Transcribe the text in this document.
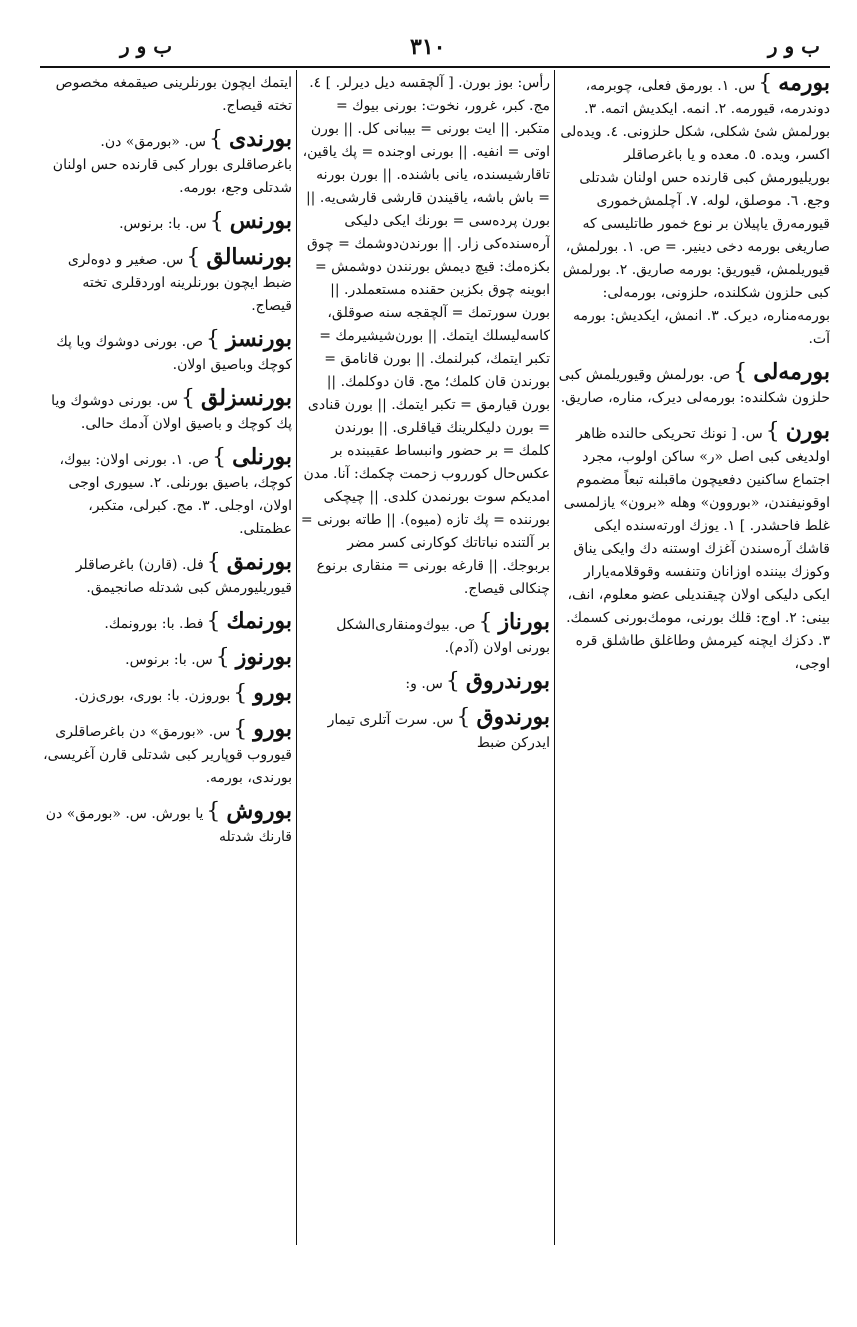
ب و ر
٣١٠
ب و ر
بورمه}س. ١. بورمق فعلی، چوبرمه، دوندرمه، قیورمه. ٢. انمه. ایکدیش اتمه. ٣. بورلمش شیٔ شکلی، شکل حلزونی. ٤. ویده‌لی اکسر، ویده. ٥. معده و یا باغرصاقلر بوریلیورمش کبی قارنده حس اولنان شدتلی وجع. ٦. موصلق، لوله. ٧. آچلمش‌خموری قیورمه‌رق یاپیلان بر نوع خمور طاتلیسی که صاریغی بورمه دخی دینیر. = ص. ١. بورلمش، قیوریلمش، قیوریق: بورمه صاریق. ٢. بورلمش کبی حلزون شکلنده، حلزونی، بورمه‌لی: بورمه‌مناره، دیرک. ٣. انمش، ایکدیش: بورمه آت.
بورمه‌لی}ص. بورلمش وقیوریلمش کبی حلزون شکلنده: بورمه‌لی دیرک، مناره، صاریق.
بورن}س. [ نونك تحریکی حالنده ظاهر اولدیغی کبی اصل «ر» ساکن اولوب، مجرد اجتماع ساکنین دفعیچون ماقبلنه تبعاً مضموم اوقونیفندن، «بوروون» وهله «برون» یازلمسی غلط فاحشدر. ] ١. یوزك اورته‌سنده ایکی قاشك آره‌سندن آغزك اوستنه دك وایکی یناق وکوزك بیننده اوزانان وتنفسه وقوقلامه‌یارار ایکی دلیکی اولان چیقندیلی عضو معلوم، انف، بینی: ٢. اوج: قلك بورنی، مومك‌بورنی کسمك. ٣. دکزك ایچنه کیرمش وطاغلق طاشلق قره اوجی،
رأس: بوز بورن. [ آلچقسه دیل دیرلر. ] ٤. مج. کبر، غرور، نخوت: بورنی بیوك = متکبر. || ایت بورنی = بیبانی کل. || بورن اوتی = انفیه. || بورنی اوجنده = پك یاقین، تاقارشیسنده، یانی باشنده. || بورن بورنه = باش باشه، یاقیندن قارشی قارشی‌یه. || بورن پرده‌سی = بورنك ایکی دلیکی آره‌سنده‌کی زار. || بورندن‌دوشمك = چوق بکزه‌مك: قیچ دیمش بورنندن دوشمش = ابوینه چوق بکزین حقنده مستعملدر. || بورن سورتمك = آلچقجه سنه صوقلق، کاسه‌لیسلك ایتمك. || بورن‌شیشیرمك = تکبر ایتمك، کبرلنمك. || بورن قانامق = بورندن قان کلمك؛ مج. قان دوکلمك. || بورن قیارمق = تکبر ایتمك. || بورن قنادی = بورن دلیکلرینك قیاقلری. || بورندن کلمك = بر حضور وانبساط عقیبنده بر عکس‌حال کورروب زحمت چکمك: آنا. مدن امدیکم سوت بورنمدن کلدی. || چیچکی بورننده = پك تازه (میوه). || طاته بورنی = بر آلتنده نباتاتك کوکارنی کسر مضر بربوجك. || قارغه بورنی = منقاری برنوع چنکالی قیصاج.
بورناز}ص. بیوك‌ومنقاری‌الشکل بورنی اولان (آدم).
بورندروق}س. و:
بورندوق}س. سرت آتلری تیمار ایدرکن ضبط
ایتمك ایچون بورنلرینی صیقمغه مخصوص تخته قیصاج.
بورندی}س. «بورمق» دن. باغرصاقلری بورار کبی قارنده حس اولنان شدتلی وجع، بورمه.
بورنس}س. با: برنوس.
بورنسالق}س. صغیر و دوه‌لری ضبط ایچون بورنلرینه اوردقلری تخته قیصاج.
بورنسز}ص. بورنی دوشوك ویا پك کوچك وباصیق اولان.
بورنسزلق}س. بورنی دوشوك ویا پك کوچك و باصیق اولان آدمك حالی.
بورنلی}ص. ١. بورنی اولان: بیوك، کوچك، باصیق بورنلی. ٢. سیوری اوجی اولان، اوجلی. ٣. مج. کبرلی، متکبر، عظمتلی.
بورنمق}فل. (قارن) باغرصاقلر قیوریلیورمش کبی شدتله صانجیمق.
بورنمك}فط. با: بورونمك.
بورنوز}س. با: برنوس.
بورو}بوروزن. با: بوری، بوری‌زن.
بورو}س. «بورمق» دن باغرصاقلری قیوروب قوپارير کبی شدتلی قارن آغریسی، بورندی، بورمه.
بوروش}یا بورش. س. «بورمق» دن قارنك شدتله
